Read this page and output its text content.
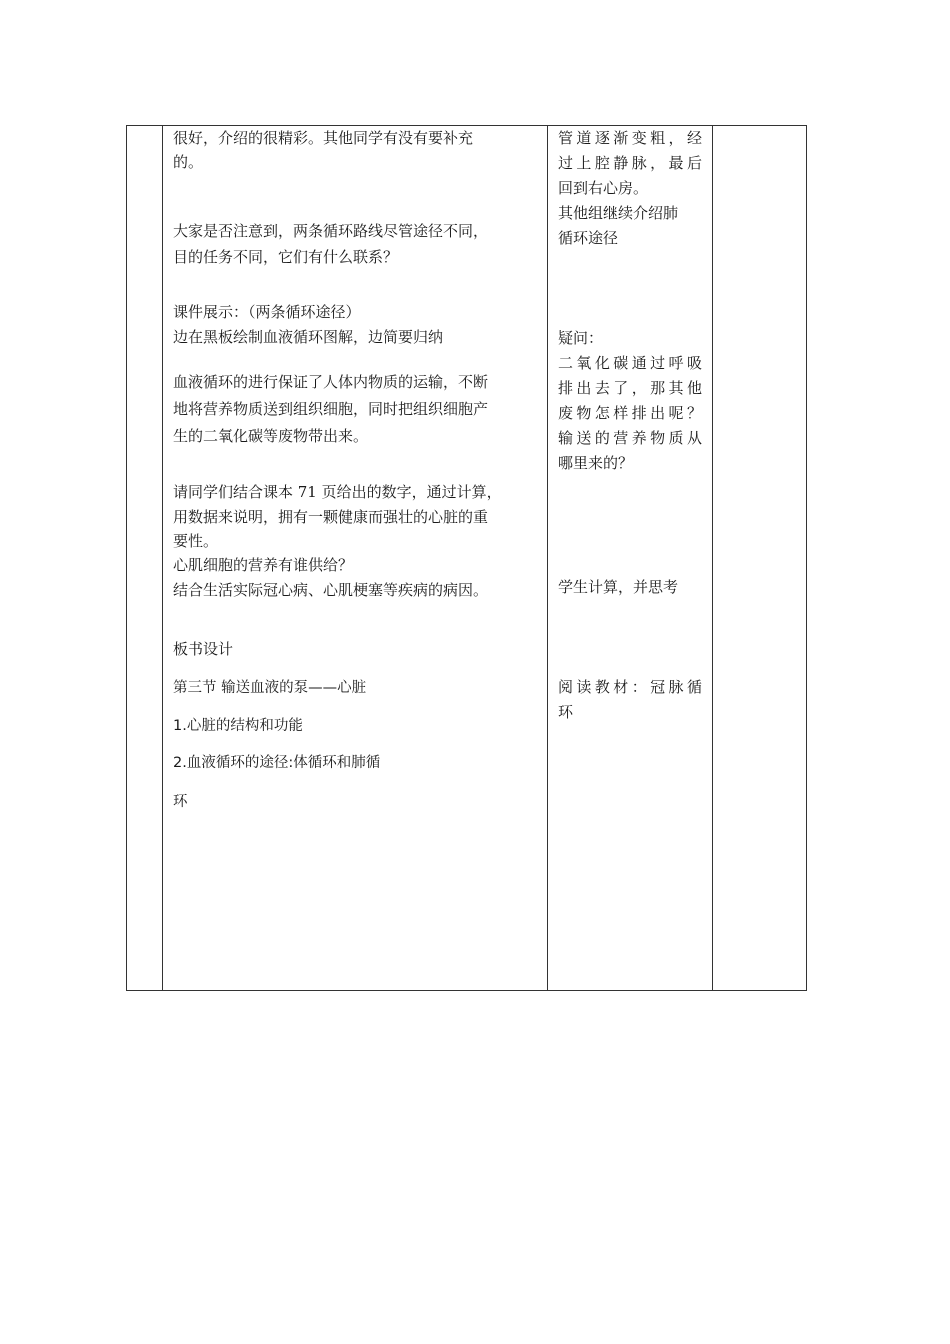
很好，介绍的很精彩。其他同学有没有要补充

的。

大家是否注意到，两条循环路线尽管途径不同，

目的任务不同，它们有什么联系？

课件展示：（两条循环途径）

边在黑板绘制血液循环图解，边简要归纳

血液循环的进行保证了人体内物质的运输，不断

地将营养物质送到组织细胞，同时把组织细胞产

生的二氧化碳等废物带出来。

请同学们结合课本 71 页给出的数字，通过计算，

用数据来说明，拥有一颗健康而强壮的心脏的重

要性。

心肌细胞的营养有谁供给？

结合生活实际冠心病、心肌梗塞等疾病的病因。

板书设计

第三节 输送血液的泵——心脏

1.心脏的结构和功能

2.血液循环的途径:体循环和肺循

环

管道逐渐变粗，经

过上腔静脉，最后

回到右心房。

其他组继续介绍肺

循环途径

疑问：

二氧化碳通过呼吸

排出去了，那其他

废物怎样排出呢？

输送的营养物质从

哪里来的？

学生计算，并思考

阅读教材：冠脉循

环
